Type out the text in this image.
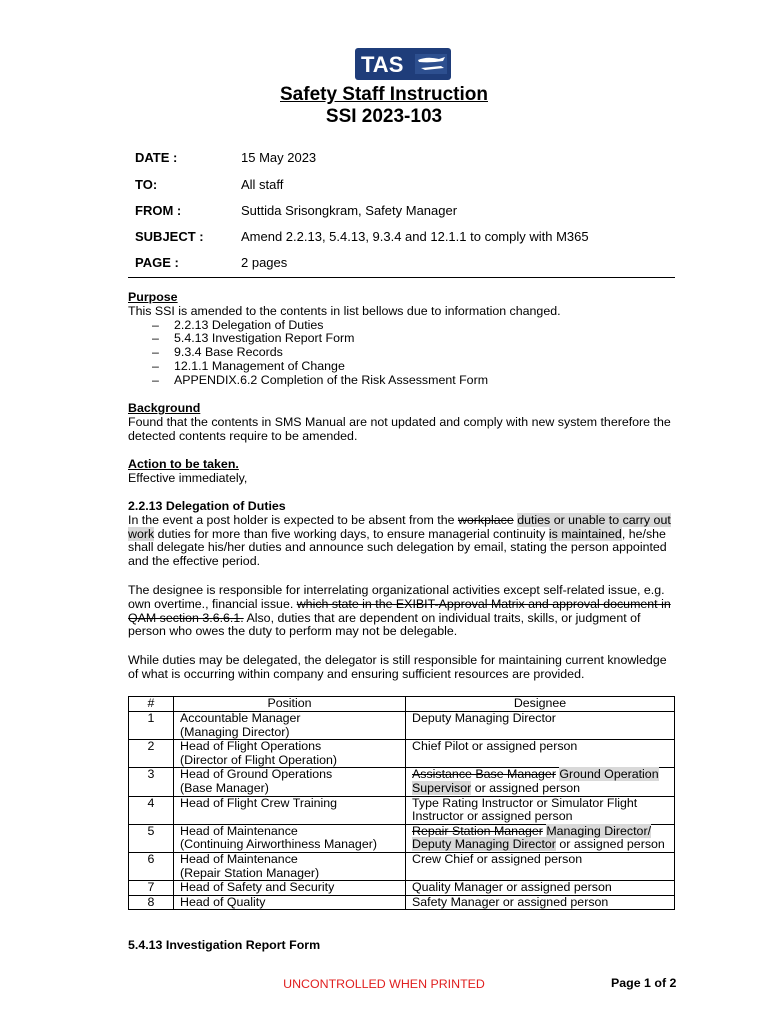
TAS
Safety Staff Instruction
SSI 2023-103
DATE :	15 May 2023
TO:	All staff
FROM :	Suttida Srisongkram, Safety Manager
SUBJECT :	Amend 2.2.13, 5.4.13, 9.3.4 and 12.1.1 to comply with M365
PAGE :	2 pages
Purpose
This SSI is amended to the contents in list bellows due to information changed.
– 2.2.13 Delegation of Duties
– 5.4.13 Investigation Report Form
– 9.3.4 Base Records
– 12.1.1 Management of Change
– APPENDIX.6.2 Completion of the Risk Assessment Form
Background
Found that the contents in SMS Manual are not updated and comply with new system therefore the detected contents require to be amended.
Action to be taken.
Effective immediately,
2.2.13 Delegation of Duties
In the event a post holder is expected to be absent from the workplace duties or unable to carry out work duties for more than five working days, to ensure managerial continuity is maintained, he/she shall delegate his/her duties and announce such delegation by email, stating the person appointed and the effective period.
The designee is responsible for interrelating organizational activities except self-related issue, e.g. own overtime., financial issue. which state in the EXIBIT-Approval Matrix and approval document in QAM section 3.6.6.1. Also, duties that are dependent on individual traits, skills, or judgment of person who owes the duty to perform may not be delegable.
While duties may be delegated, the delegator is still responsible for maintaining current knowledge of what is occurring within company and ensuring sufficient resources are provided.
#	Position	Designee
1	Accountable Manager
(Managing Director)	Deputy Managing Director
2	Head of Flight Operations
(Director of Flight Operation)	Chief Pilot or assigned person
3	Head of Ground Operations
(Base Manager)	Assistance Base Manager Ground Operation Supervisor or assigned person
4	Head of Flight Crew Training	Type Rating Instructor or Simulator Flight Instructor or assigned person
5	Head of Maintenance
(Continuing Airworthiness Manager)	Repair Station Manager Managing Director/ Deputy Managing Director or assigned person
6	Head of Maintenance
(Repair Station Manager)	Crew Chief or assigned person
7	Head of Safety and Security	Quality Manager or assigned person
8	Head of Quality	Safety Manager or assigned person
5.4.13 Investigation Report Form
UNCONTROLLED WHEN PRINTED	Page 1 of 2
